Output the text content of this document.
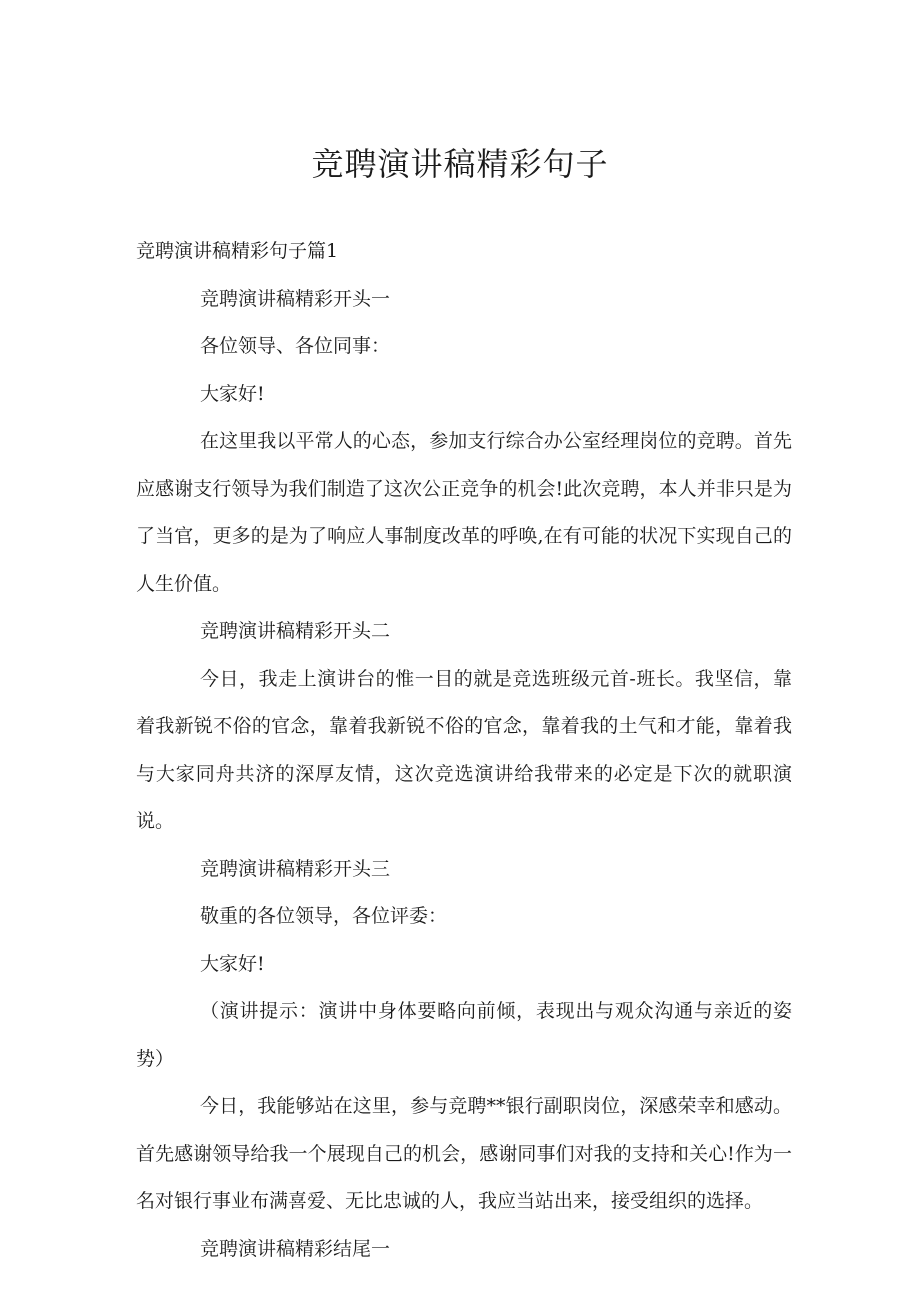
竞聘演讲稿精彩句子

竞聘演讲稿精彩句子篇1

竞聘演讲稿精彩开头一

各位领导、各位同事：

大家好!

在这里我以平常人的心态，参加支行综合办公室经理岗位的竞聘。首先应感谢支行领导为我们制造了这次公正竞争的机会!此次竞聘，本人并非只是为了当官，更多的是为了响应人事制度改革的呼唤,在有可能的状况下实现自己的人生价值。

竞聘演讲稿精彩开头二

今日，我走上演讲台的惟一目的就是竞选班级元首-班长。我坚信，靠着我新锐不俗的官念，靠着我新锐不俗的官念，靠着我的土气和才能，靠着我与大家同舟共济的深厚友情，这次竞选演讲给我带来的必定是下次的就职演说。

竞聘演讲稿精彩开头三

敬重的各位领导，各位评委：

大家好!

（演讲提示：演讲中身体要略向前倾，表现出与观众沟通与亲近的姿势）

今日，我能够站在这里，参与竞聘**银行副职岗位，深感荣幸和感动。首先感谢领导给我一个展现自己的机会，感谢同事们对我的支持和关心!作为一名对银行事业布满喜爱、无比忠诚的人，我应当站出来，接受组织的选择。

竞聘演讲稿精彩结尾一
